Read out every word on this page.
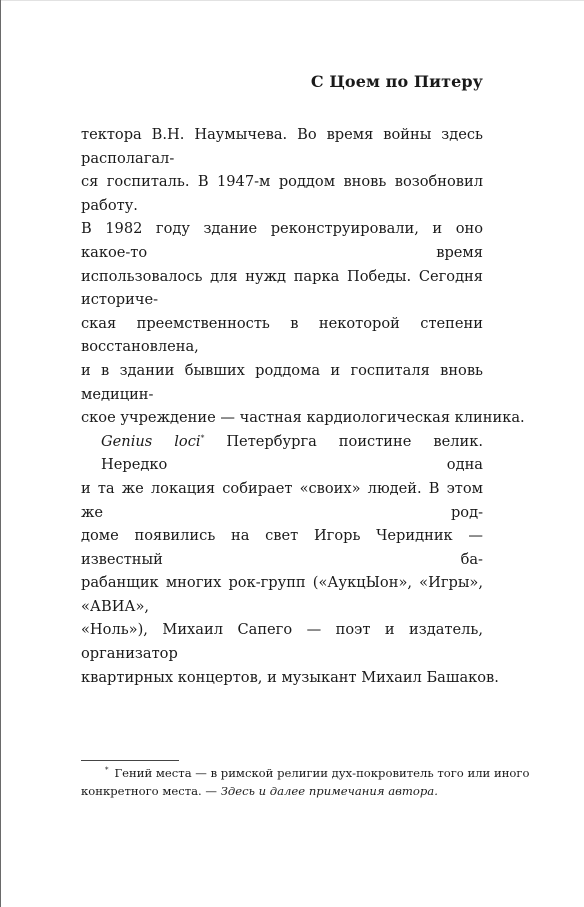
С Цоем по Питеру
тектора В.Н. Наумычева. Во время войны здесь располагал-
ся госпиталь. В 1947-м роддом вновь возобновил работу.
В 1982 году здание реконструировали, и оно какое-то время
использовалось для нужд парка Победы. Сегодня историче-
ская преемственность в некоторой степени восстановлена,
и в здании бывших роддома и госпиталя вновь медицин-
ское учреждение — частная кардиологическая клиника.
Genius loci* Петербурга поистине велик. Нередко одна
и та же локация собирает «своих» людей. В этом же род-
доме появились на свет Игорь Черидник — известный ба-
рабанщик многих рок-групп («АукцЫон», «Игры», «АВИА»,
«Ноль»), Михаил Сапего — поэт и издатель, организатор
квартирных концертов, и музыкант Михаил Башаков.
* Гений места — в римской религии дух-покровитель того или иного
конкретного места. — Здесь и далее примечания автора.
